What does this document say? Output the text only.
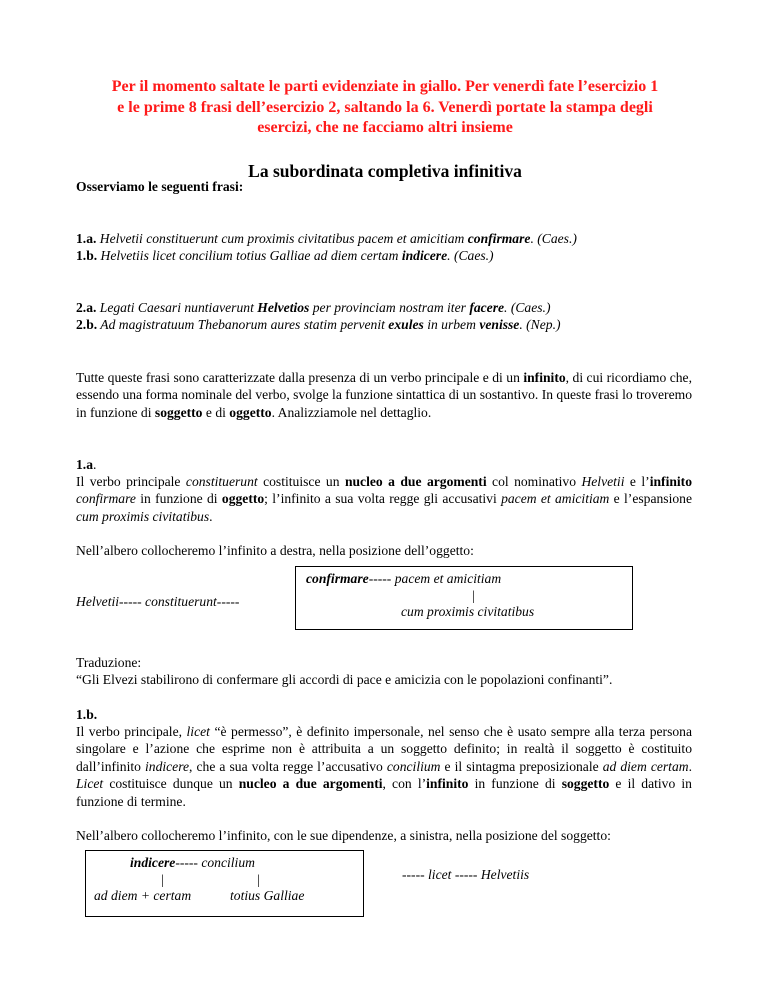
Per il momento saltate le parti evidenziate in giallo. Per venerdì fate l’esercizio 1
e le prime 8 frasi dell’esercizio 2, saltando la 6. Venerdì portate la stampa degli
esercizi, che ne facciamo altri insieme
La subordinata completiva infinitiva
Osserviamo le seguenti frasi:
1.a. Helvetii constituerunt cum proximis civitatibus pacem et amicitiam confirmare. (Caes.)
1.b. Helvetiis licet concilium totius Galliae ad diem certam indicere. (Caes.)
2.a. Legati Caesari nuntiaverunt Helvetios per provinciam nostram iter facere. (Caes.)
2.b. Ad magistratuum Thebanorum aures statim pervenit exules in urbem venisse. (Nep.)
Tutte queste frasi sono caratterizzate dalla presenza di un verbo principale e di un infinito, di cui ricordiamo che, essendo una forma nominale del verbo, svolge la funzione sintattica di un sostantivo. In queste frasi lo troveremo in funzione di soggetto e di oggetto. Analizziamole nel dettaglio.
1.a.
Il verbo principale constituerunt costituisce un nucleo a due argomenti col nominativo Helvetii e l’infinito confirmare in funzione di oggetto; l’infinito a sua volta regge gli accusativi pacem et amicitiam e l’espansione cum proximis civitatibus.
Nell’albero collocheremo l’infinito a destra, nella posizione dell’oggetto:
Helvetii----- constituerunt-----
confirmare----- pacem et amicitiam
|
cum proximis civitatibus
Traduzione:
“Gli Elvezi stabilirono di confermare gli accordi di pace e amicizia con le popolazioni confinanti”.
1.b.
Il verbo principale, licet “è permesso”, è definito impersonale, nel senso che è usato sempre alla terza persona singolare e l’azione che esprime non è attribuita a un soggetto definito; in realtà il soggetto è costituito dall’infinito indicere, che a sua volta regge l’accusativo concilium e il sintagma preposizionale ad diem certam. Licet costituisce dunque un nucleo a due argomenti, con l’infinito in funzione di soggetto e il dativo in funzione di termine.
Nell’albero collocheremo l’infinito, con le sue dipendenze, a sinistra, nella posizione del soggetto:
indicere----- concilium
|	|
ad diem + certam	totius Galliae
----- licet ----- Helvetiis
